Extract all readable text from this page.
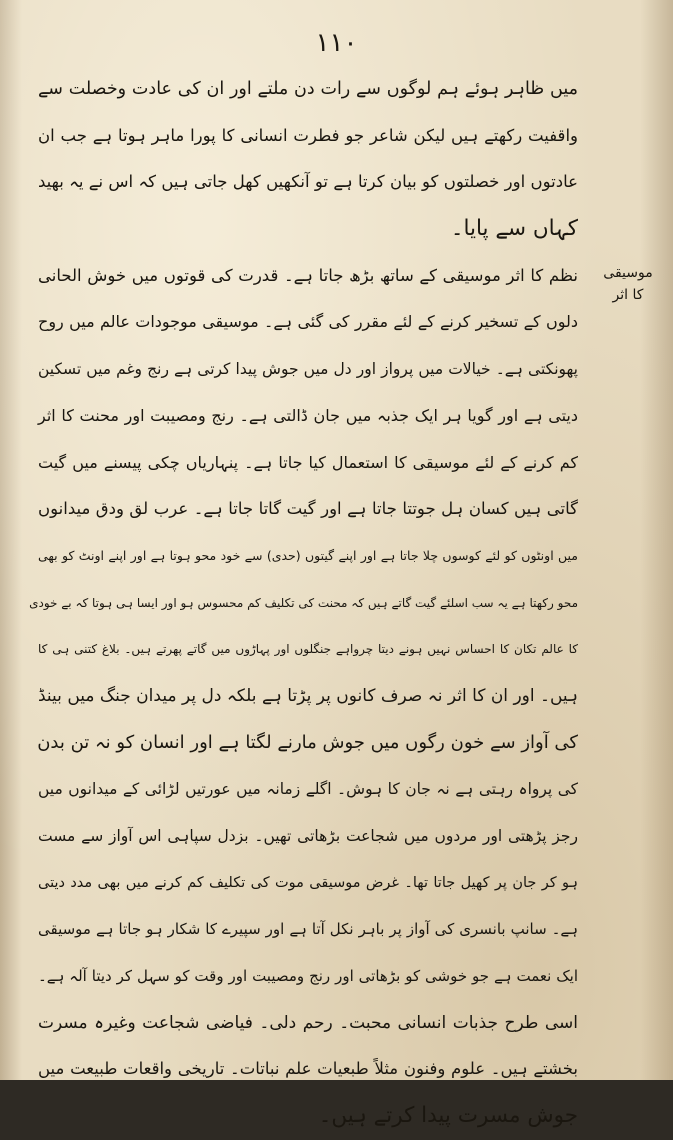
۱۱۰
موسیقی
کا اثر
میں ظاہر ہوئے ہم لوگوں سے رات دن ملتے اور ان کی عادت وخصلت سے
واقفیت رکھتے ہیں لیکن شاعر جو فطرت انسانی کا پورا ماہر ہوتا ہے جب ان
عادتوں اور خصلتوں کو بیان کرتا ہے تو آنکھیں کھل جاتی ہیں کہ اس نے یہ بھید
کہاں سے پایا۔
نظم کا اثر موسیقی کے ساتھ بڑھ جاتا ہے۔ قدرت کی قوتوں میں خوش الحانی
دلوں کے تسخیر کرنے کے لئے مقرر کی گئی ہے۔ موسیقی موجودات عالم میں روح
پھونکتی ہے۔ خیالات میں پرواز اور دل میں جوش پیدا کرتی ہے رنج وغم میں تسکین
دیتی ہے اور گویا ہر ایک جذبہ میں جان ڈالتی ہے۔ رنج ومصیبت اور محنت کا اثر
کم کرنے کے لئے موسیقی کا استعمال کیا جاتا ہے۔ پنہاریاں چکی پیسنے میں گیت
گاتی ہیں کسان ہل جوتتا جاتا ہے اور گیت گاتا جاتا ہے۔ عرب لق ودق میدانوں
میں اونٹوں کو لئے کوسوں چلا جاتا ہے اور اپنے گیتوں (حدی) سے خود محو ہوتا ہے اور اپنے اونٹ کو بھی
محو رکھتا ہے یہ سب اسلئے گیت گاتے ہیں کہ محنت کی تکلیف کم محسوس ہو اور ایسا ہی ہوتا کہ بے خودی
کا عالم تکان کا احساس نہیں ہونے دیتا چرواہے جنگلوں اور پہاڑوں میں گاتے پھرتے ہیں۔ بلاغ کتنی ہی کا
ہیں۔ اور ان کا اثر نہ صرف کانوں پر پڑتا ہے بلکہ دل پر میدان جنگ میں بینڈ
کی آواز سے خون رگوں میں جوش مارنے لگتا ہے اور انسان کو نہ تن بدن
کی پرواہ رہتی ہے نہ جان کا ہوش۔ اگلے زمانہ میں عورتیں لڑائی کے میدانوں میں
رجز پڑھتی اور مردوں میں شجاعت بڑھاتی تھیں۔ بزدل سپاہی اس آواز سے مست
ہو کر جان پر کھیل جاتا تھا۔ غرض موسیقی موت کی تکلیف کم کرنے میں بھی مدد دیتی
ہے۔ سانپ بانسری کی آواز پر باہر نکل آتا ہے اور سپیرے کا شکار ہو جاتا ہے موسیقی
ایک نعمت ہے جو خوشی کو بڑھاتی اور رنج ومصیبت اور وقت کو سہل کر دیتا آلہ ہے۔
اسی طرح جذبات انسانی محبت۔ رحم دلی۔ فیاضی شجاعت وغیرہ مسرت
بخشتے ہیں۔ علوم وفنون مثلاً طبعیات علم نباتات۔ تاریخی واقعات طبیعت میں
جوش مسرت پیدا کرتے ہیں۔
